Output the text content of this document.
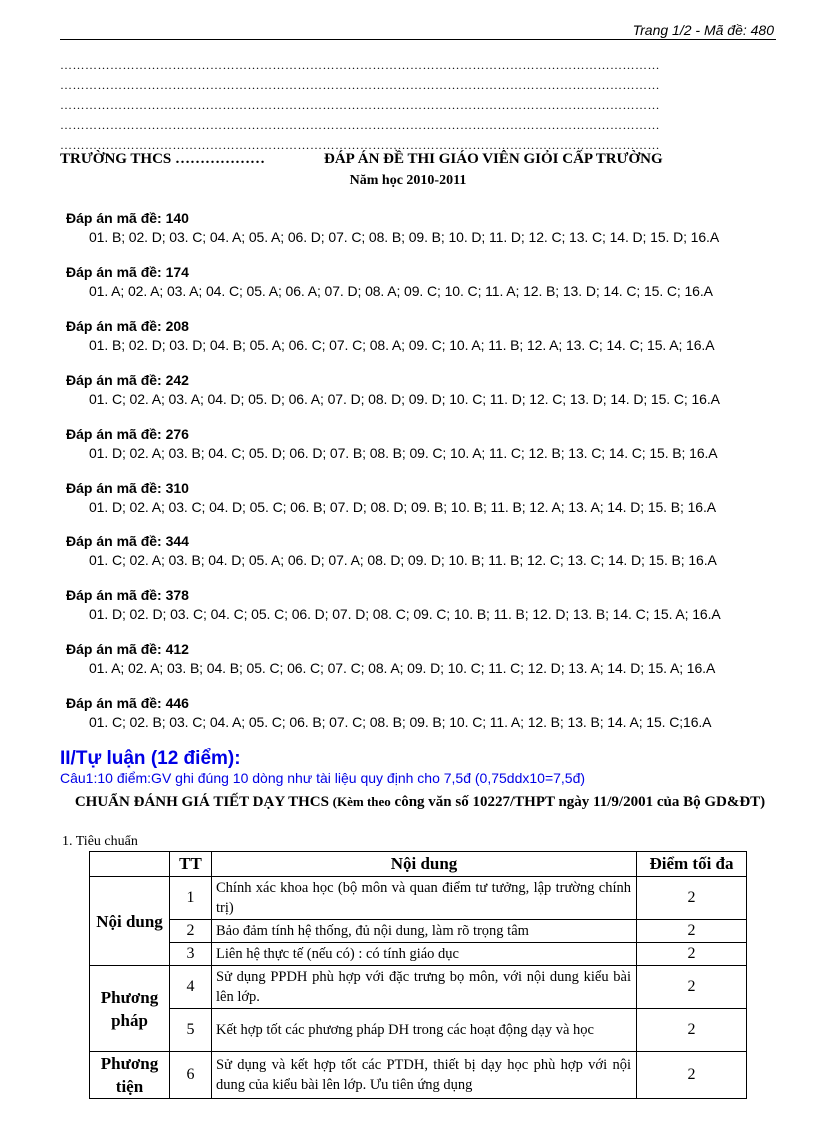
Trang 1/2 - Mã đề: 480
………………………………………………………………………………………………………………………………
………………………………………………………………………………………………………………………………
………………………………………………………………………………………………………………………………
………………………………………………………………………………………………………………………………
………………………………………………………………………………………………………………………………
TRƯỜNG THCS ………………	ĐÁP ÁN ĐỀ THI GIÁO VIÊN GIỎI CẤP TRƯỜNG
Năm học 2010-2011
Đáp án mã đề: 140
01. B; 02. D; 03. C; 04. A; 05. A; 06. D; 07. C; 08. B; 09. B; 10. D; 11. D; 12. C; 13. C; 14. D; 15. D; 16.A
Đáp án mã đề: 174
01. A; 02. A; 03. A; 04. C; 05. A; 06. A; 07. D; 08. A; 09. C; 10. C; 11. A; 12. B; 13. D; 14. C; 15. C; 16.A
Đáp án mã đề: 208
01. B; 02. D; 03. D; 04. B; 05. A; 06. C; 07. C; 08. A; 09. C; 10. A; 11. B; 12. A; 13. C; 14. C; 15. A; 16.A
Đáp án mã đề: 242
01. C; 02. A; 03. A; 04. D; 05. D; 06. A; 07. D; 08. D; 09. D; 10. C; 11. D; 12. C; 13. D; 14. D; 15. C; 16.A
Đáp án mã đề: 276
01. D; 02. A; 03. B; 04. C; 05. D; 06. D; 07. B; 08. B; 09. C; 10. A; 11. C; 12. B; 13. C; 14. C; 15. B; 16.A
Đáp án mã đề: 310
01. D; 02. A; 03. C; 04. D; 05. C; 06. B; 07. D; 08. D; 09. B; 10. B; 11. B; 12. A; 13. A; 14. D; 15. B; 16.A
Đáp án mã đề: 344
01. C; 02. A; 03. B; 04. D; 05. A; 06. D; 07. A; 08. D; 09. D; 10. B; 11. B; 12. C; 13. C; 14. D; 15. B; 16.A
Đáp án mã đề: 378
01. D; 02. D; 03. C; 04. C; 05. C; 06. D; 07. D; 08. C; 09. C; 10. B; 11. B; 12. D; 13. B; 14. C; 15. A; 16.A
Đáp án mã đề: 412
01. A; 02. A; 03. B; 04. B; 05. C; 06. C; 07. C; 08. A; 09. D; 10. C; 11. C; 12. D; 13. A; 14. D; 15. A; 16.A
Đáp án mã đề: 446
01. C; 02. B; 03. C; 04. A; 05. C; 06. B; 07. C; 08. B; 09. B; 10. C; 11. A; 12. B; 13. B; 14. A; 15. C;16.A
II/Tự luận (12 điểm):
Câu1:10 điểm:GV ghi đúng 10 dòng như tài liệu quy định cho 7,5đ (0,75ddx10=7,5đ)
CHUẨN ĐÁNH GIÁ TIẾT DẠY THCS (Kèm theo công văn số 10227/THPT ngày 11/9/2001 của Bộ GD&ĐT)
1. Tiêu chuẩn
	TT	Nội dung	Điểm tối đa
Nội dung	1	Chính xác khoa học (bộ môn và quan điểm tư tưởng, lập trường chính trị)	2
	2	Bảo đảm tính hệ thống, đủ nội dung, làm rõ trọng tâm	2
	3	Liên hệ thực tế (nếu có) : có tính giáo dục	2
Phương pháp	4	Sử dụng PPDH phù hợp với đặc trưng bọ môn, với nội dung kiểu bài lên lớp.	2
	5	Kết hợp tốt các phương pháp DH trong các hoạt động dạy và học	2
Phương tiện	6	Sử dụng và kết hợp tốt các PTDH, thiết bị dạy học phù hợp với nội dung của kiểu bài lên lớp. Ưu tiên ứng dụng	2
